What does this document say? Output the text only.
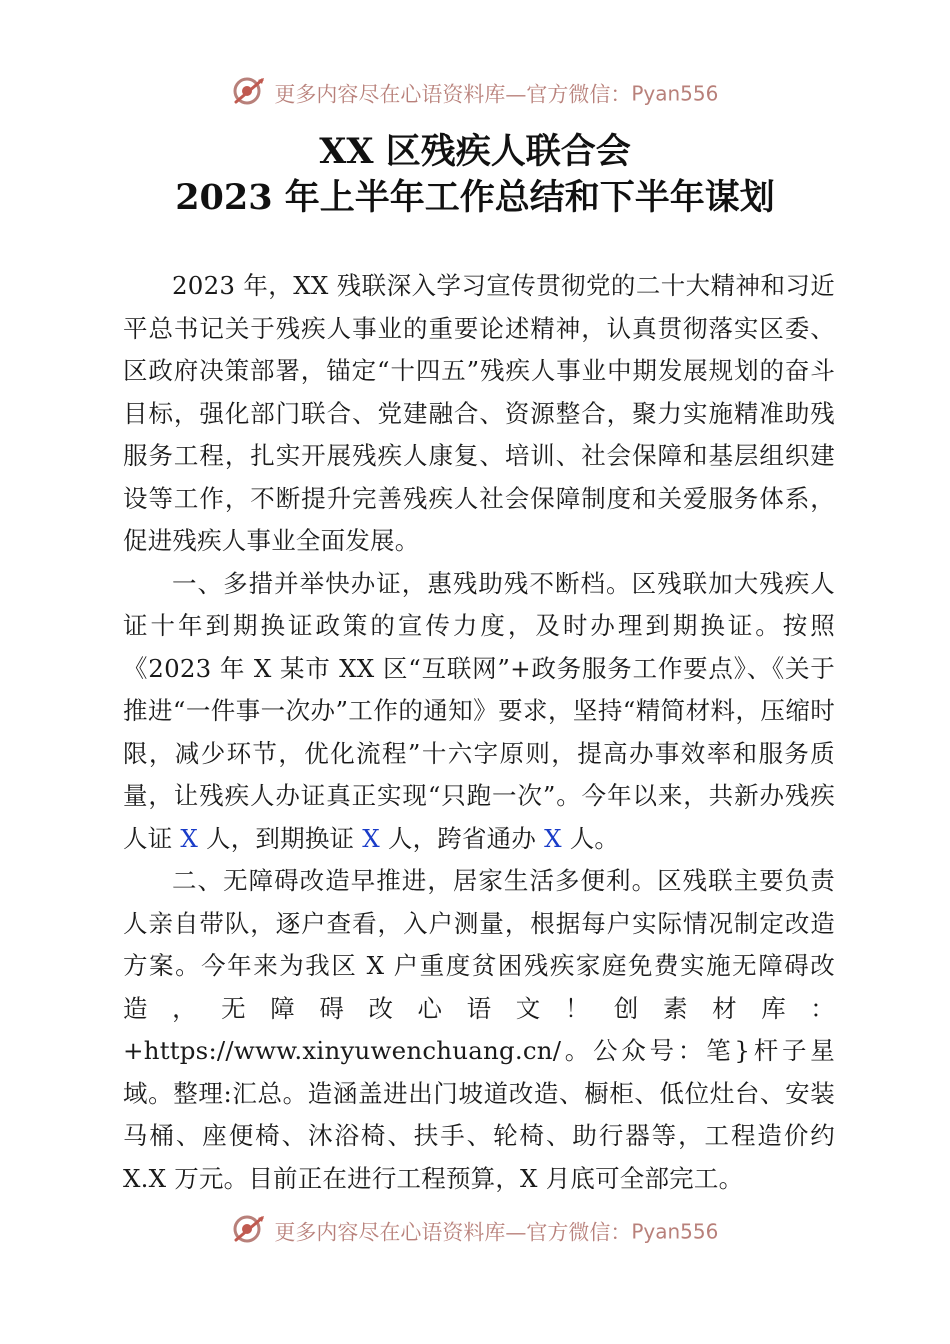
更多内容尽在心语资料库—官方微信：Pyan556
XX 区残疾人联合会
2023 年上半年工作总结和下半年谋划

2023 年，XX 残联深入学习宣传贯彻党的二十大精神和习近平总书记关于残疾人事业的重要论述精神，认真贯彻落实区委、区政府决策部署，锚定“十四五”残疾人事业中期发展规划的奋斗目标，强化部门联合、党建融合、资源整合，聚力实施精准助残服务工程，扎实开展残疾人康复、培训、社会保障和基层组织建设等工作，不断提升完善残疾人社会保障制度和关爱服务体系，促进残疾人事业全面发展。

一、多措并举快办证，惠残助残不断档。区残联加大残疾人证十年到期换证政策的宣传力度，及时办理到期换证。按照《2023 年 X 某市 XX 区“互联网”+政务服务工作要点》、《关于推进“一件事一次办”工作的通知》要求，坚持“精简材料，压缩时限，减少环节，优化流程”十六字原则，提高办事效率和服务质量，让残疾人办证真正实现“只跑一次”。今年以来，共新办残疾人证 X 人，到期换证 X 人，跨省通办 X 人。

二、无障碍改造早推进，居家生活多便利。区残联主要负责人亲自带队，逐户查看，入户测量，根据每户实际情况制定改造方案。今年来为我区 X 户重度贫困残疾家庭免费实施无障碍改造，无障碍改心语文！创素材库：+https://www.xinyuwenchuang.cn/。公众号：笔}杆子星域。整理:汇总。造涵盖进出门坡道改造、橱柜、低位灶台、安装马桶、座便椅、沐浴椅、扶手、轮椅、助行器等，工程造价约 X.X 万元。目前正在进行工程预算，X 月底可全部完工。

更多内容尽在心语资料库—官方微信：Pyan556
